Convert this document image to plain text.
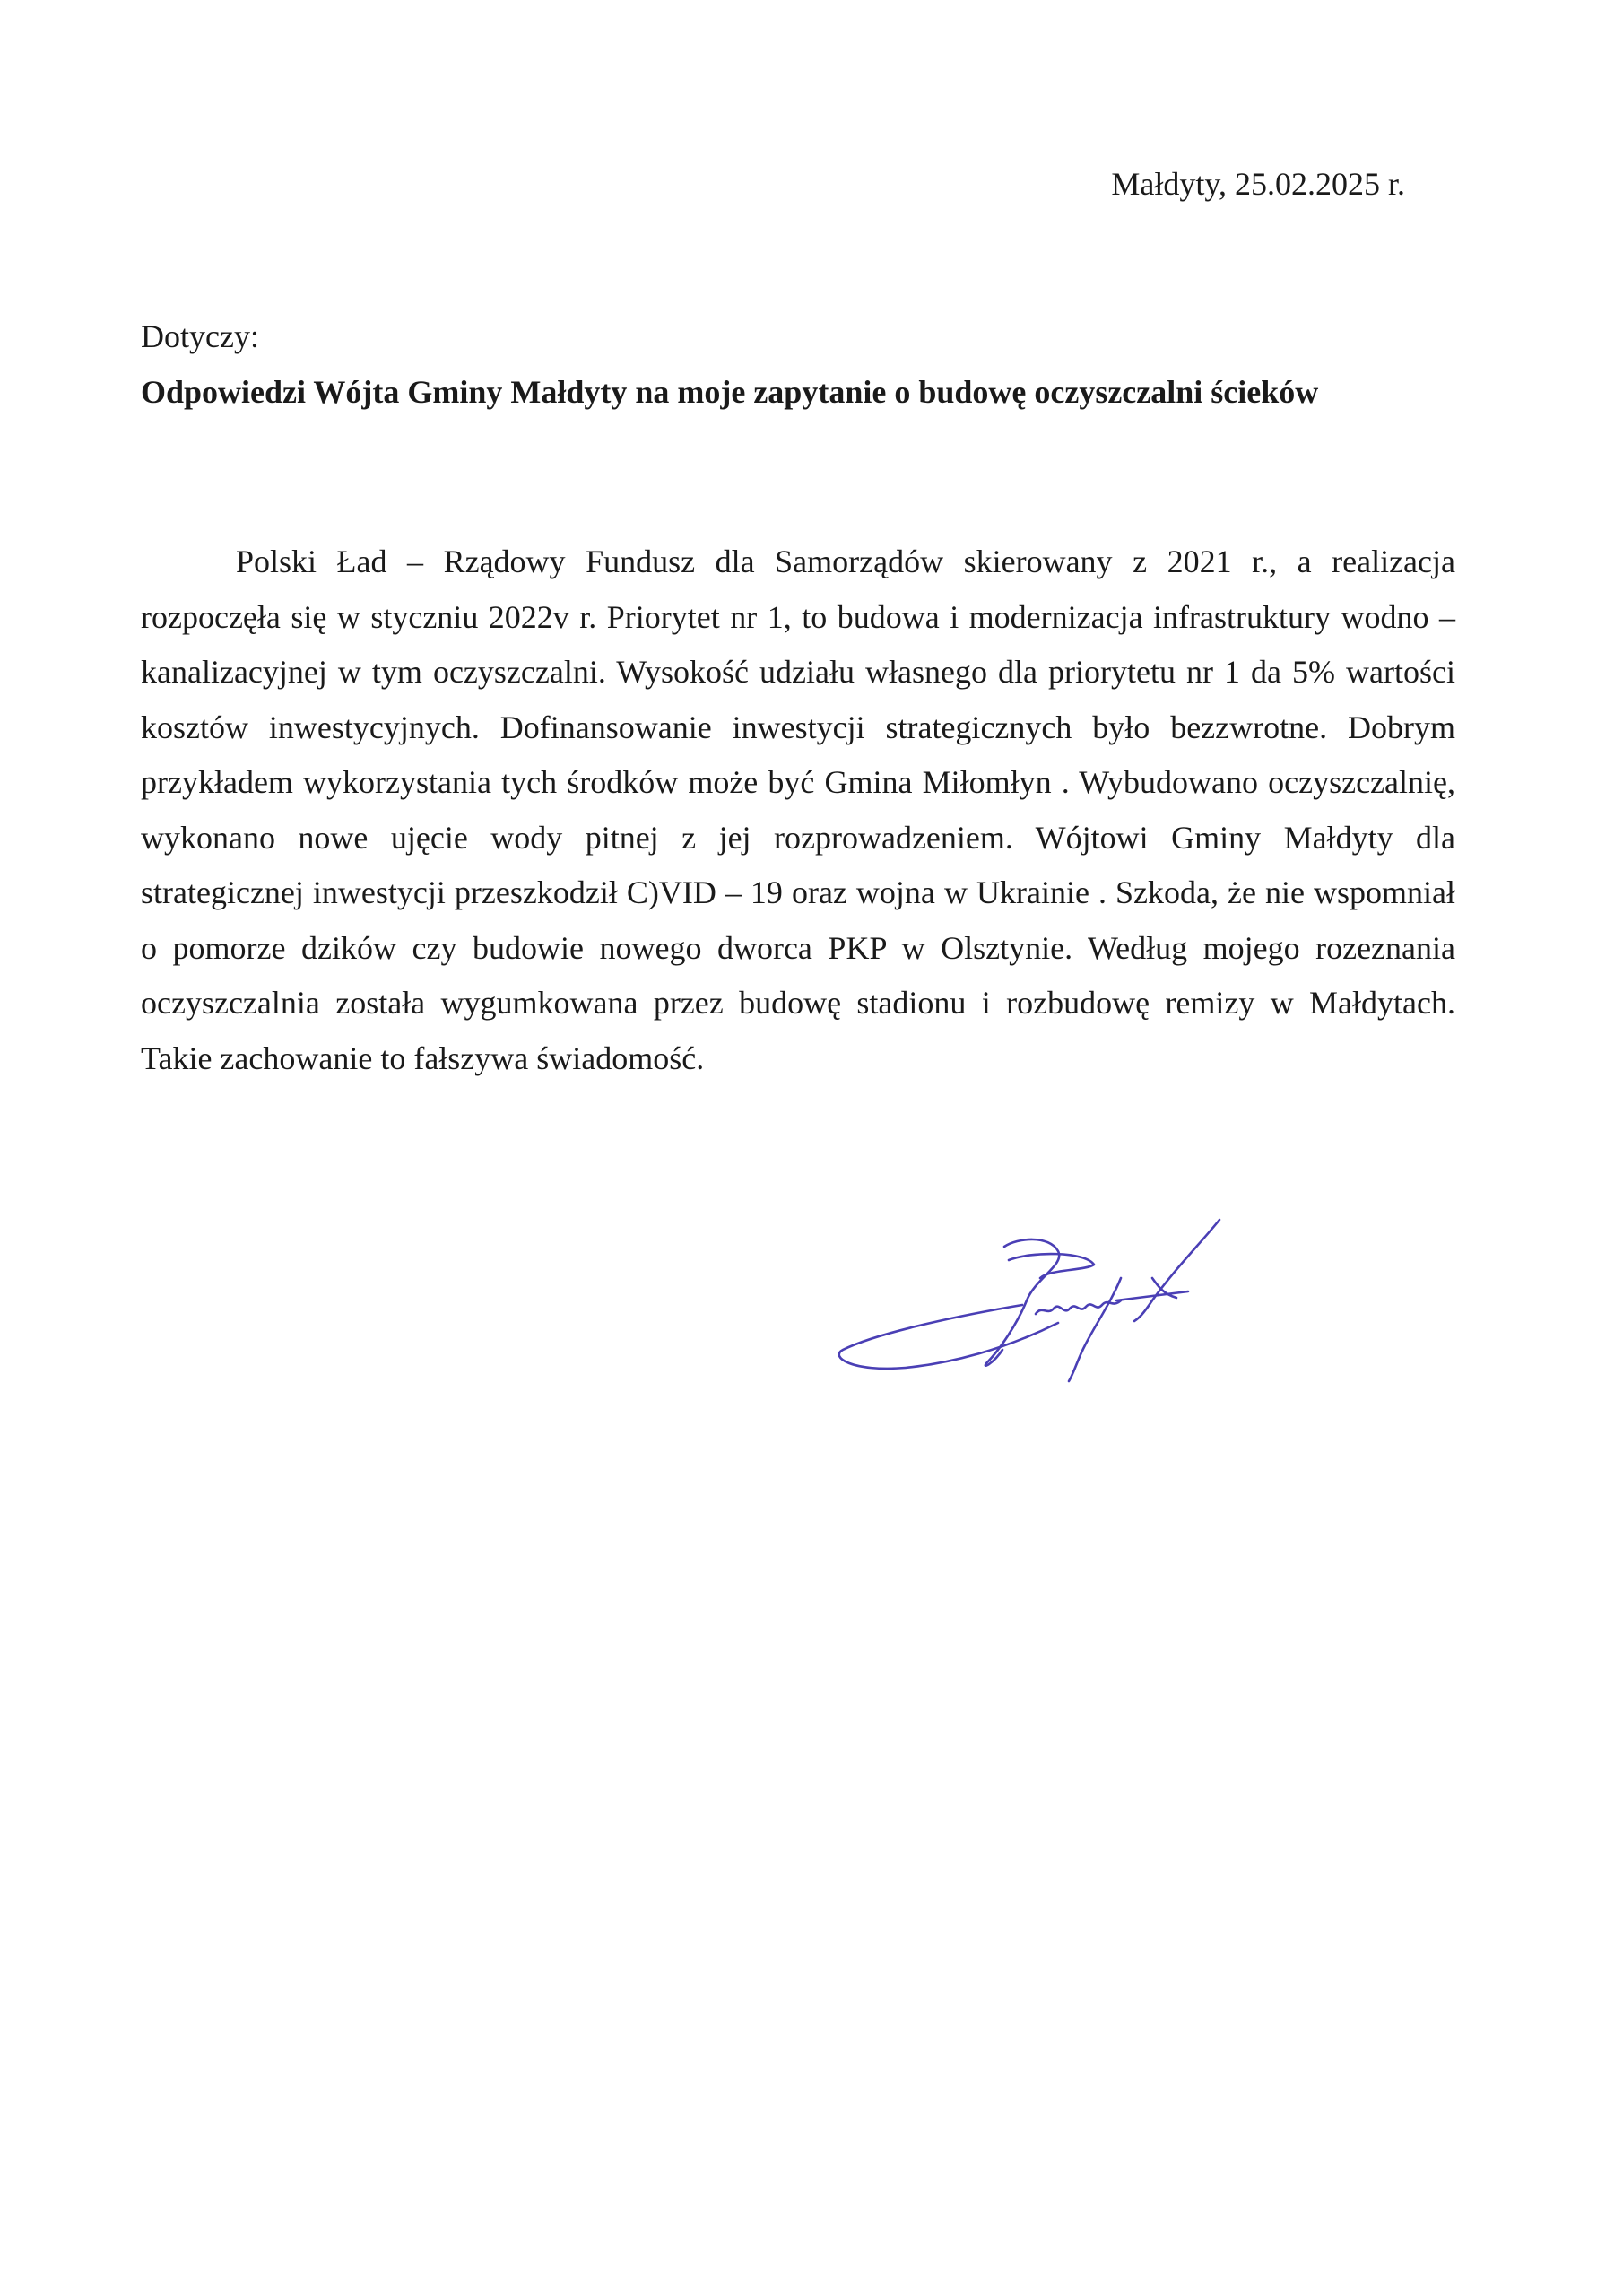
Małdyty, 25.02.2025 r.
Dotyczy:
Odpowiedzi Wójta Gminy Małdyty na moje zapytanie o budowę oczyszczalni ścieków

Polski Ład – Rządowy Fundusz dla Samorządów skierowany z 2021 r., a realizacja rozpoczęła się w styczniu 2022v r. Priorytet nr 1, to budowa i modernizacja infrastruktury wodno – kanalizacyjnej w tym oczyszczalni. Wysokość udziału własnego dla priorytetu nr 1 da 5% wartości kosztów inwestycyjnych. Dofinansowanie inwestycji strategicznych było bezzwrotne. Dobrym przykładem wykorzystania tych środków może być Gmina Miłomłyn . Wybudowano oczyszczalnię, wykonano nowe ujęcie wody pitnej z jej rozprowadzeniem. Wójtowi Gminy Małdyty dla strategicznej inwestycji przeszkodził C)VID – 19 oraz wojna w Ukrainie . Szkoda, że nie wspomniał o pomorze dzików czy budowie nowego dworca PKP w Olsztynie. Według mojego rozeznania oczyszczalnia została wygumkowana przez budowę stadionu i rozbudowę remizy w Małdytach. Takie zachowanie to fałszywa świadomość.
